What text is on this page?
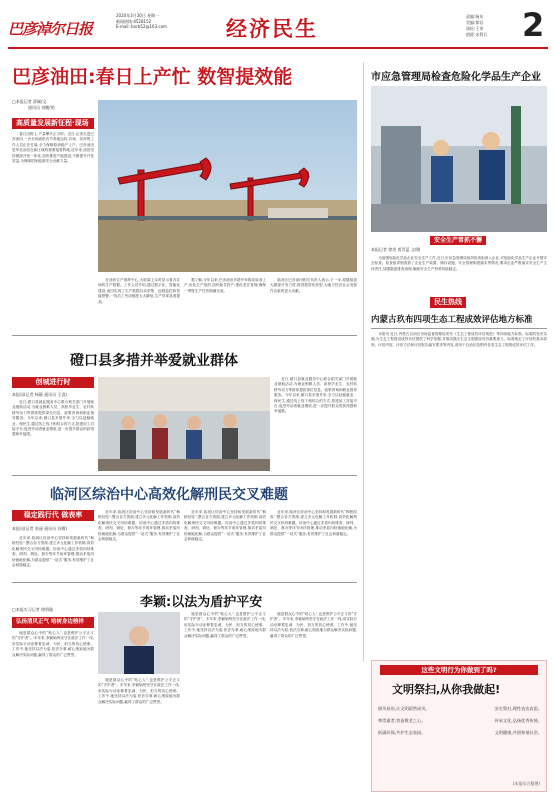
巴彦淖尔日报
2020年3月30日 星期一
新闻热线:4528152
E-mail: bnrb52@163.com	经济民生
责编:杨东
美编:徐岩
质检:王荣
值班:宋利兵 2
巴彦油田:春日上产忙 数智提效能
□本报记者 薛佩/文
通讯员 刘鹏/图
高质量发展新征程·现场

春日田野上,产量攀升正当时。近日,记者走进巴彦油田,一台台抽油机有节奏地运转,井场、站库的工作人员正在忙碌,全力保障原油稳产上产。巴彦油田是华北油田在新区域的重要接替阵地,近年来,油田坚持勘探开发一体化,加快推进产能建设,不断提升开发效益,为保障国家能源安全贡献力量。

在油田生产指挥中心,大屏幕上实时显示着各井场的生产数据。工作人员介绍,通过数字化、智能化建设,油田实现了生产数据自动采集、远程监控和智能预警,一线员工劳动强度大大降低,生产效率显著提高。

据了解,今年以来,巴彦油田多措并举推动原油上产,优化生产组织,加快新井投产,强化老井管理,确保一季度生产任务圆满完成。

临河区巴彦油田相关负责人表示,下一步,将继续加大勘探开发力度,推进数智化转型,为地方经济社会发展作出新的更大贡献。

市应急管理局检查危险化学品生产企业
安全生产常抓不懈
本报记者 徐坦 贾青蓝 文/摄

为加强危险化学品企业安全生产工作,近日,市应急管理局组织检查组深入企业,对危险化学品生产企业开展安全检查。检查组详细查看了企业生产装置、储存设施、安全管理制度落实等情况,要求企业严格落实安全生产主体责任,加强隐患排查治理,确保安全生产形势持续稳定。

民生热线
内蒙古玖布四项生态工程成效评估地方标准

本报讯 近日,内蒙古自治区市场监督管理局发布《生态工程成效评估规范》等四项地方标准。标准的发布实施,为生态工程建设成效评估提供了科学依据,对推动我区生态文明建设具有重要意义。标准规定了评估的基本原则、评估内容、评估方法和评估报告编写要求等内容,适用于自治区范围内各类生态工程的成效评估工作。

磴口县多措并举爱就业群体
创城进行时
本报讯(记者 杨静 通讯员 王睿)

近日,磴口县就业服务中心联合相关部门开展就业援助活动,为就业困难人员、高校毕业生、农村转移劳动力等群体提供岗位信息、政策咨询和职业指导服务。今年以来,磴口县多措并举,全力以赴稳就业、保民生,通过线上线下相结合的方式,搭建用工对接平台,促进劳动者就业增收,进一步提升群众的获得感和幸福感。

近日,磴口县就业服务中心联合相关部门开展就业援助活动,为就业困难人员、高校毕业生、农村转移劳动力等群体提供岗位信息、政策咨询和职业指导服务。今年以来,磴口县多措并举,全力以赴稳就业、保民生,通过线上线下相结合的方式,搭建用工对接平台,促进劳动者就业增收,进一步提升群众的获得感和幸福感。

临河区综治中心高效化解刑民交叉难题
稳定践行代 做表率
本报讯(记者 张丽 通讯员 苏娜)

近年来,临河区综治中心坚持和发展新时代“枫桥经验”,整合各方资源,建立多元化解工作机制,高效化解刑民交叉纠纷难题。综治中心通过矛盾纠纷排查、研判、调处、督办等环节闭环管理,推动矛盾纠纷就地化解,为群众提供“一站式”服务,有效维护了社会和谐稳定。

近年来,临河区综治中心坚持和发展新时代“枫桥经验”,整合各方资源,建立多元化解工作机制,高效化解刑民交叉纠纷难题。综治中心通过矛盾纠纷排查、研判、调处、督办等环节闭环管理,推动矛盾纠纷就地化解,为群众提供“一站式”服务,有效维护了社会和谐稳定。

近年来,临河区综治中心坚持和发展新时代“枫桥经验”,整合各方资源,建立多元化解工作机制,高效化解刑民交叉纠纷难题。综治中心通过矛盾纠纷排查、研判、调处、督办等环节闭环管理,推动矛盾纠纷就地化解,为群众提供“一站式”服务,有效维护了社会和谐稳定。

近年来,临河区综治中心坚持和发展新时代“枫桥经验”,整合各方资源,建立多元化解工作机制,高效化解刑民交叉纠纷难题。综治中心通过矛盾纠纷排查、研判、调处、督办等环节闭环管理,推动矛盾纠纷就地化解,为群众提供“一站式”服务,有效维护了社会和谐稳定。

李颖:以法为盾护平安
□本报实习记者 徐明璇
弘扬清风正气 培树身边榜样

她是群众心中的“贴心人”,也是维护公平正义的“守护者”。多年来,李颖始终坚守在政法工作一线,用实际行动诠释着忠诚、为民、担当的初心使命。工作中,她坚持以法为盾,依法办事,耐心细致地为群众解决实际问题,赢得了群众的广泛赞誉。

她是群众心中的“贴心人”,也是维护公平正义的“守护者”。多年来,李颖始终坚守在政法工作一线,用实际行动诠释着忠诚、为民、担当的初心使命。工作中,她坚持以法为盾,依法办事,耐心细致地为群众解决实际问题,赢得了群众的广泛赞誉。

她是群众心中的“贴心人”,也是维护公平正义的“守护者”。多年来,李颖始终坚守在政法工作一线,用实际行动诠释着忠诚、为民、担当的初心使命。工作中,她坚持以法为盾,依法办事,耐心细致地为群众解决实际问题,赢得了群众的广泛赞誉。

她是群众心中的“贴心人”,也是维护公平正义的“守护者”。多年来,李颖始终坚守在政法工作一线,用实际行动诠释着忠诚、为民、担当的初心使命。工作中,她坚持以法为盾,依法办事,耐心细致地为群众解决实际问题,赢得了群众的广泛赞誉。

这些文明行为你做到了吗?
文明祭扫,从你我做起!
移风易俗,让文明蔚然成风。	安全祭扫,理性表达哀思。
尊崇逝者,营造敬老之心。	传承文化,弘扬优秀传统。
低碳环保,共护生态家园。	文明健康,共创和谐社会。
(本报综合整理)
